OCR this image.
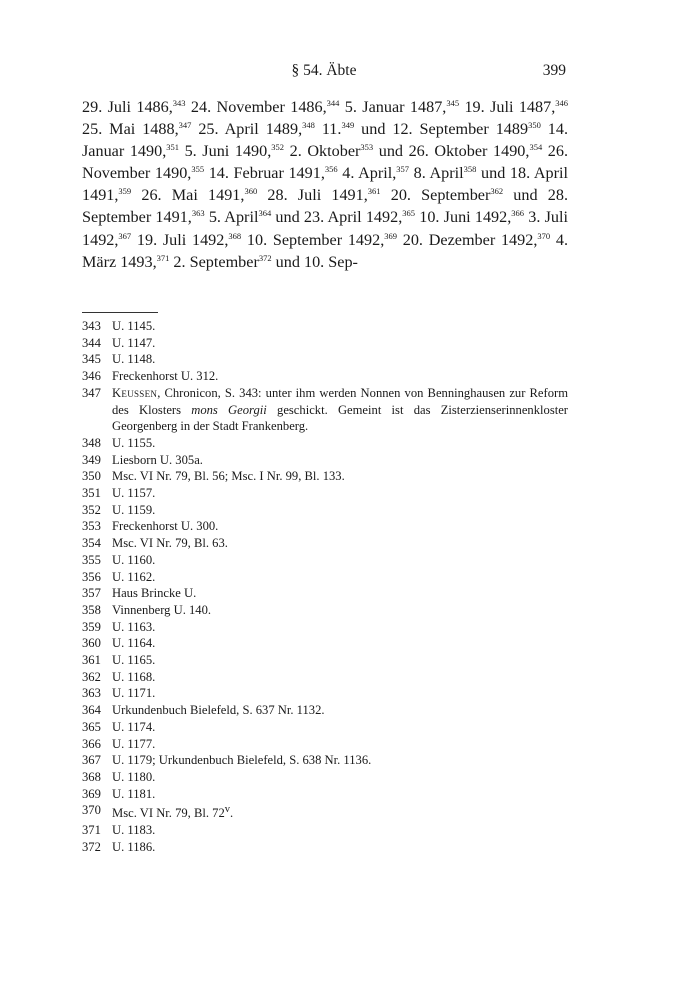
§ 54. Äbte	399
29. Juli 1486,$^{343}$ 24. November 1486,$^{344}$ 5. Januar 1487,$^{345}$ 19. Juli 1487,$^{346}$ 25. Mai 1488,$^{347}$ 25. April 1489,$^{348}$ 11.$^{349}$ und 12. September 1489$^{350}$ 14. Januar 1490,$^{351}$ 5. Juni 1490,$^{352}$ 2. Oktober$^{353}$ und 26. Oktober 1490,$^{354}$ 26. November 1490,$^{355}$ 14. Februar 1491,$^{356}$ 4. April,$^{357}$ 8. April$^{358}$ und 18. April 1491,$^{359}$ 26. Mai 1491,$^{360}$ 28. Juli 1491,$^{361}$ 20. September$^{362}$ und 28. September 1491,$^{363}$ 5. April$^{364}$ und 23. April 1492,$^{365}$ 10. Juni 1492,$^{366}$ 3. Juli 1492,$^{367}$ 19. Juli 1492,$^{368}$ 10. September 1492,$^{369}$ 20. Dezember 1492,$^{370}$ 4. März 1493,$^{371}$ 2. September$^{372}$ und 10. Sep-
343 U. 1145.
344 U. 1147.
345 U. 1148.
346 Freckenhorst U. 312.
347 Keussen, Chronicon, S. 343: unter ihm werden Nonnen von Benninghausen zur Reform des Klosters mons Georgii geschickt. Gemeint ist das Zisterzienserinnenkloster Georgenberg in der Stadt Frankenberg.
348 U. 1155.
349 Liesborn U. 305a.
350 Msc. VI Nr. 79, Bl. 56; Msc. I Nr. 99, Bl. 133.
351 U. 1157.
352 U. 1159.
353 Freckenhorst U. 300.
354 Msc. VI Nr. 79, Bl. 63.
355 U. 1160.
356 U. 1162.
357 Haus Brincke U.
358 Vinnenberg U. 140.
359 U. 1163.
360 U. 1164.
361 U. 1165.
362 U. 1168.
363 U. 1171.
364 Urkundenbuch Bielefeld, S. 637 Nr. 1132.
365 U. 1174.
366 U. 1177.
367 U. 1179; Urkundenbuch Bielefeld, S. 638 Nr. 1136.
368 U. 1180.
369 U. 1181.
370 Msc. VI Nr. 79, Bl. 72$^v$.
371 U. 1183.
372 U. 1186.
